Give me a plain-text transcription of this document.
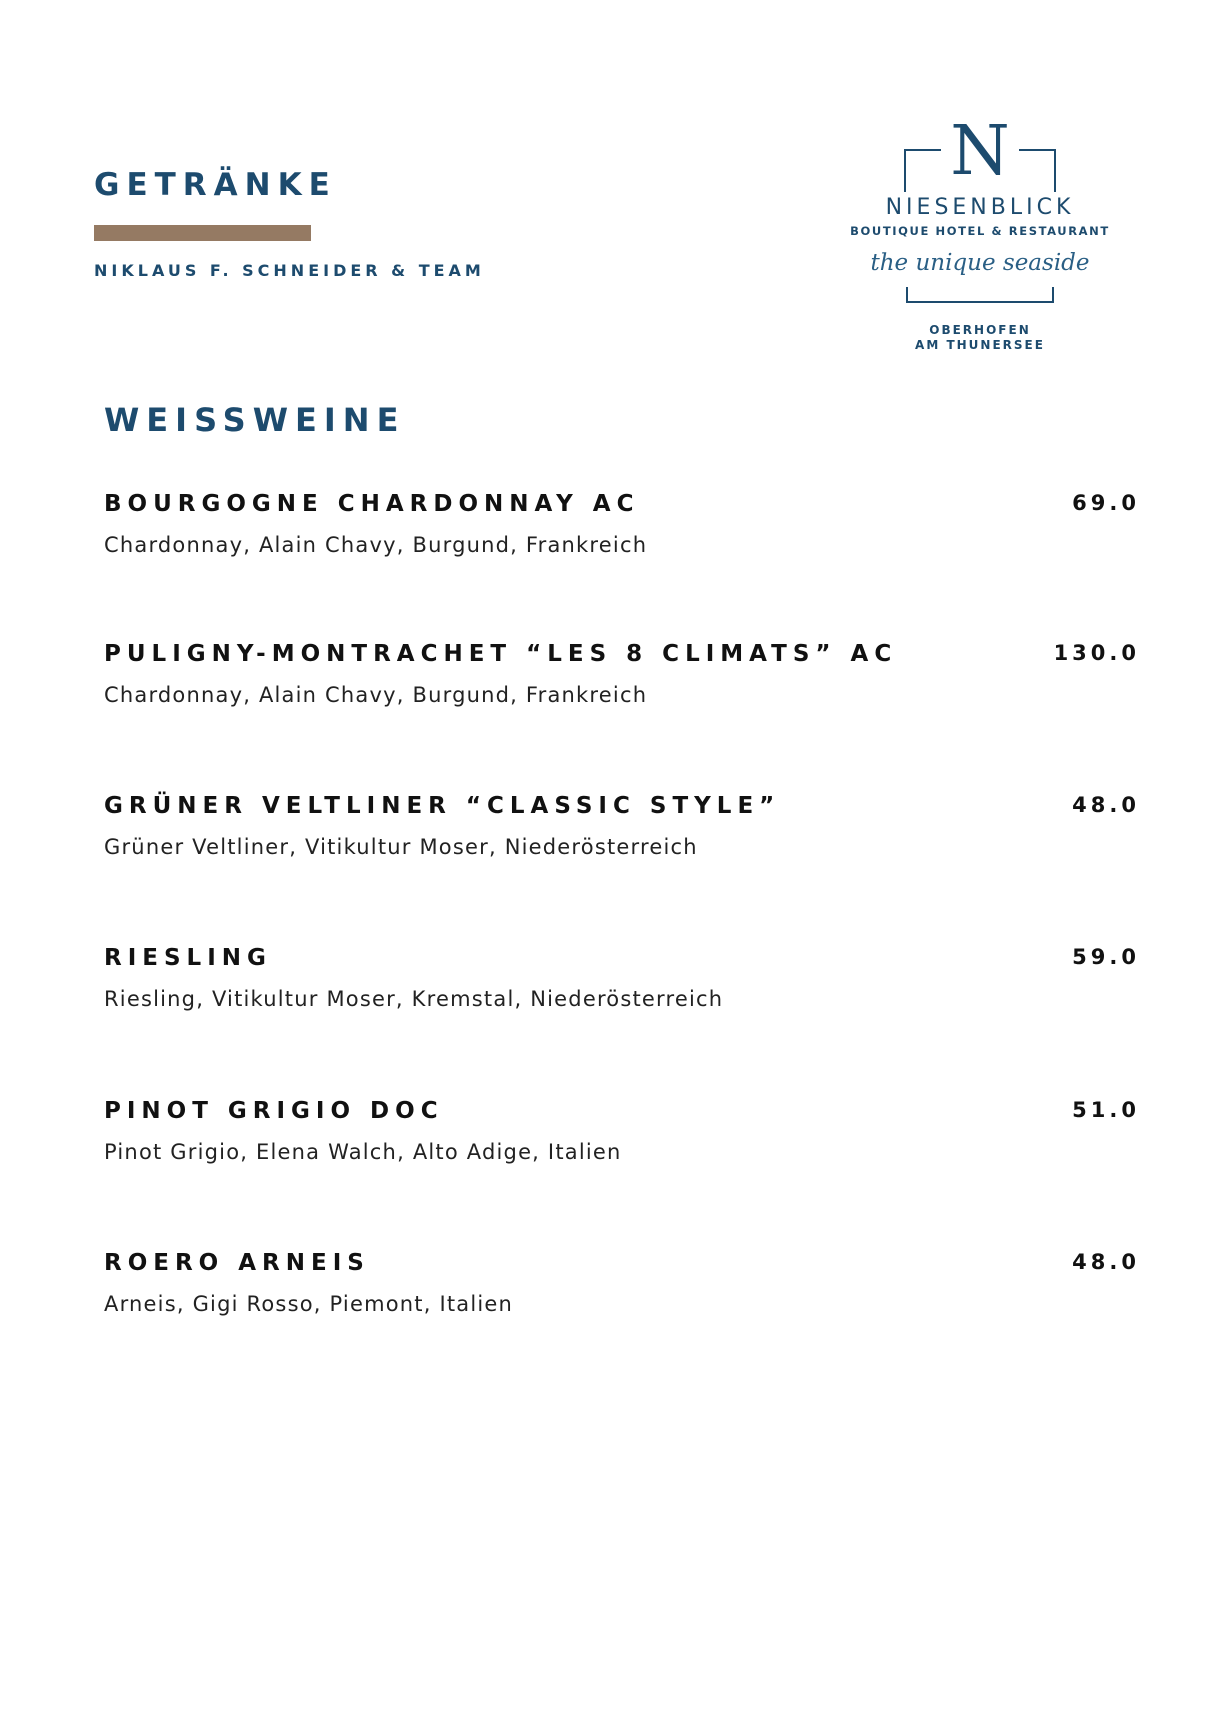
GETRÄNKE
NIKLAUS F. SCHNEIDER & TEAM
N
NIESENBLICK
BOUTIQUE HOTEL & RESTAURANT
the unique seaside
OBERHOFEN
AM THUNERSEE
WEISSWEINE
BOURGOGNE CHARDONNAY AC	69.0
Chardonnay, Alain Chavy, Burgund, Frankreich
PULIGNY-MONTRACHET “LES 8 CLIMATS” AC	130.0
Chardonnay, Alain Chavy, Burgund, Frankreich
GRÜNER VELTLINER “CLASSIC STYLE”	48.0
Grüner Veltliner, Vitikultur Moser, Niederösterreich
RIESLING	59.0
Riesling, Vitikultur Moser, Kremstal, Niederösterreich
PINOT GRIGIO DOC	51.0
Pinot Grigio, Elena Walch, Alto Adige, Italien
ROERO ARNEIS	48.0
Arneis, Gigi Rosso, Piemont, Italien
